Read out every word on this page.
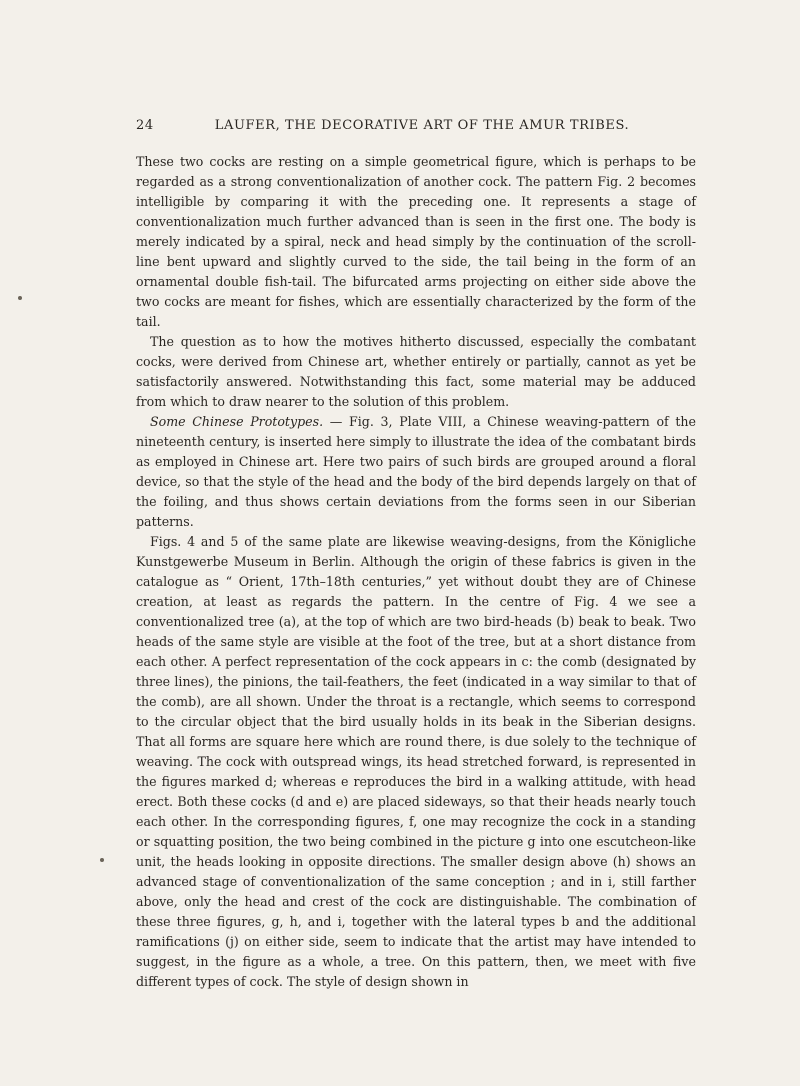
24	LAUFER, THE DECORATIVE ART OF THE AMUR TRIBES.

These two cocks are resting on a simple geometrical figure, which is perhaps to be regarded as a strong conventionalization of another cock. The pattern Fig. 2 becomes intelligible by comparing it with the preceding one. It represents a stage of conventionalization much further advanced than is seen in the first one. The body is merely indicated by a spiral, neck and head simply by the continuation of the scroll-line bent upward and slightly curved to the side, the tail being in the form of an ornamental double fish-tail. The bifurcated arms projecting on either side above the two cocks are meant for fishes, which are essentially characterized by the form of the tail.

The question as to how the motives hitherto discussed, especially the combatant cocks, were derived from Chinese art, whether entirely or partially, cannot as yet be satisfactorily answered. Notwithstanding this fact, some material may be adduced from which to draw nearer to the solution of this problem.

Some Chinese Prototypes. — Fig. 3, Plate VIII, a Chinese weaving-pattern of the nineteenth century, is inserted here simply to illustrate the idea of the combatant birds as employed in Chinese art. Here two pairs of such birds are grouped around a floral device, so that the style of the head and the body of the bird depends largely on that of the foiling, and thus shows certain deviations from the forms seen in our Siberian patterns.

Figs. 4 and 5 of the same plate are likewise weaving-designs, from the Königliche Kunstgewerbe Museum in Berlin. Although the origin of these fabrics is given in the catalogue as “ Orient, 17th–18th centuries,” yet without doubt they are of Chinese creation, at least as regards the pattern. In the centre of Fig. 4 we see a conventionalized tree (a), at the top of which are two bird-heads (b) beak to beak. Two heads of the same style are visible at the foot of the tree, but at a short distance from each other. A perfect representation of the cock appears in c: the comb (designated by three lines), the pinions, the tail-feathers, the feet (indicated in a way similar to that of the comb), are all shown. Under the throat is a rectangle, which seems to correspond to the circular object that the bird usually holds in its beak in the Siberian designs. That all forms are square here which are round there, is due solely to the technique of weaving. The cock with outspread wings, its head stretched forward, is represented in the figures marked d; whereas e reproduces the bird in a walking attitude, with head erect. Both these cocks (d and e) are placed sideways, so that their heads nearly touch each other. In the corresponding figures, f, one may recognize the cock in a standing or squatting position, the two being combined in the picture g into one escutcheon-like unit, the heads looking in opposite directions. The smaller design above (h) shows an advanced stage of conventionalization of the same conception ; and in i, still farther above, only the head and crest of the cock are distinguishable. The combination of these three figures, g, h, and i, together with the lateral types b and the additional ramifications (j) on either side, seem to indicate that the artist may have intended to suggest, in the figure as a whole, a tree. On this pattern, then, we meet with five different types of cock. The style of design shown in
